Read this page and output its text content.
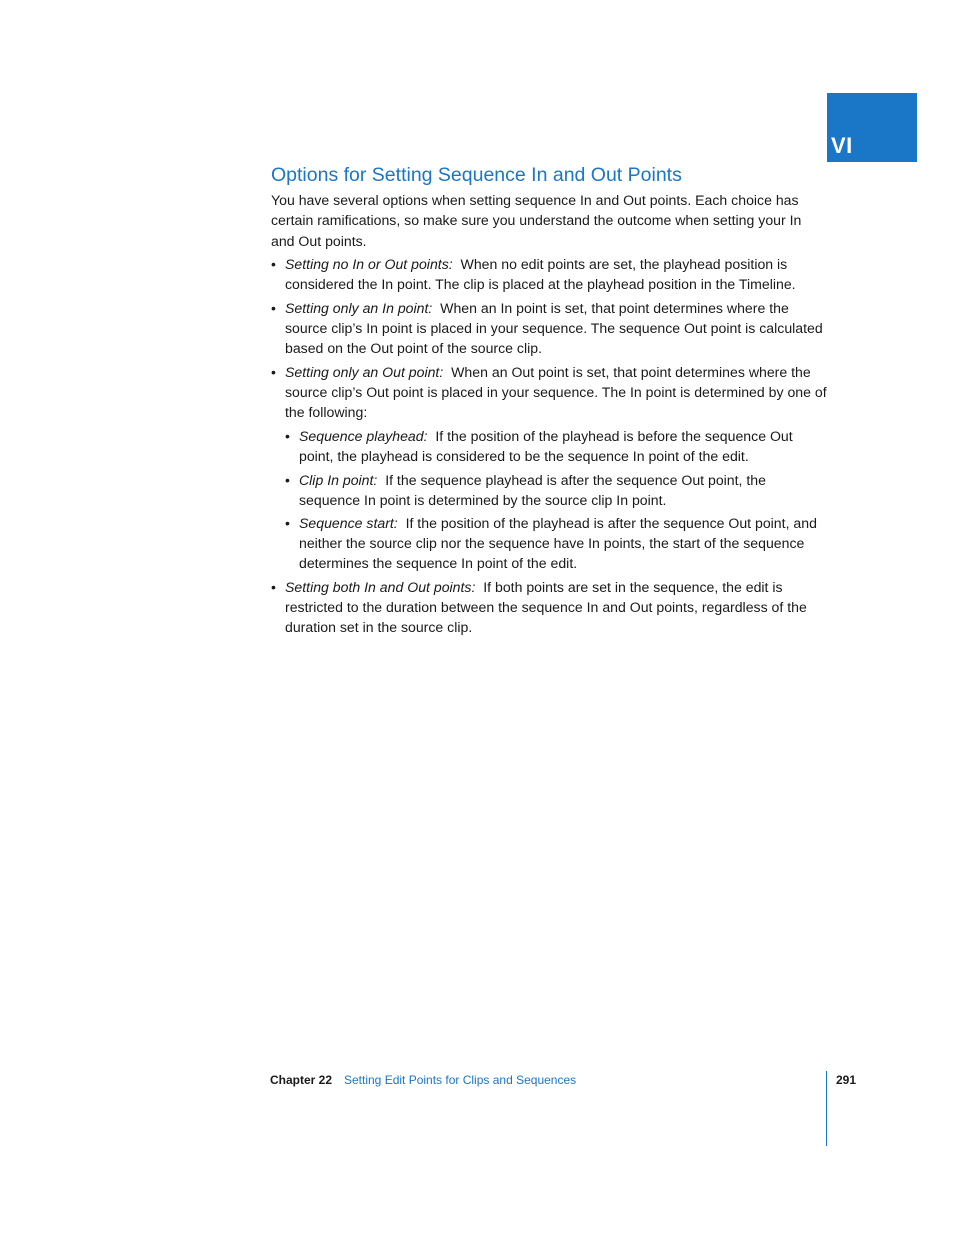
VI
Options for Setting Sequence In and Out Points

You have several options when setting sequence In and Out points. Each choice has certain ramifications, so make sure you understand the outcome when setting your In and Out points.

• Setting no In or Out points: When no edit points are set, the playhead position is considered the In point. The clip is placed at the playhead position in the Timeline.
• Setting only an In point: When an In point is set, that point determines where the source clip’s In point is placed in your sequence. The sequence Out point is calculated based on the Out point of the source clip.
• Setting only an Out point: When an Out point is set, that point determines where the source clip’s Out point is placed in your sequence. The In point is determined by one of the following:
• Sequence playhead: If the position of the playhead is before the sequence Out point, the playhead is considered to be the sequence In point of the edit.
• Clip In point: If the sequence playhead is after the sequence Out point, the sequence In point is determined by the source clip In point.
• Sequence start: If the position of the playhead is after the sequence Out point, and neither the source clip nor the sequence have In points, the start of the sequence determines the sequence In point of the edit.
• Setting both In and Out points: If both points are set in the sequence, the edit is restricted to the duration between the sequence In and Out points, regardless of the duration set in the source clip.
Chapter 22 Setting Edit Points for Clips and Sequences	291
